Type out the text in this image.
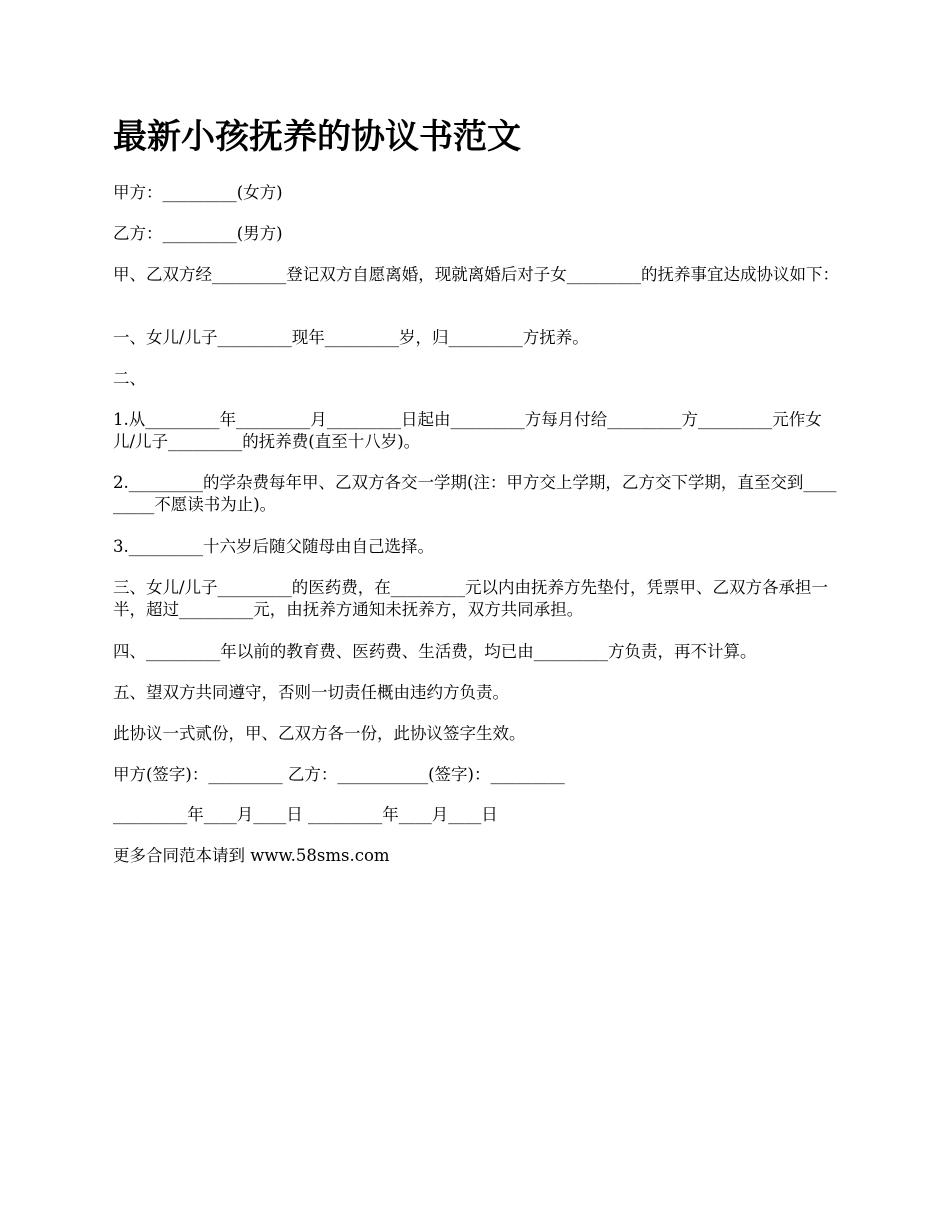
最新小孩抚养的协议书范文

甲方：_________(女方)

乙方：_________(男方)

甲、乙双方经_________登记双方自愿离婚，现就离婚后对子女_________的抚养事宜达成协议如下：

一、女儿/儿子_________现年_________岁，归_________方抚养。

二、

1.从_________年_________月_________日起由_________方每月付给_________方_________元作女儿/儿子_________的抚养费(直至十八岁)。

2._________的学杂费每年甲、乙双方各交一学期(注：甲方交上学期，乙方交下学期，直至交到_________不愿读书为止)。

3._________十六岁后随父随母由自己选择。

三、女儿/儿子_________的医药费，在_________元以内由抚养方先垫付，凭票甲、乙双方各承担一半，超过_________元，由抚养方通知未抚养方，双方共同承担。

四、_________年以前的教育费、医药费、生活费，均已由_________方负责，再不计算。

五、望双方共同遵守，否则一切责任概由违约方负责。

此协议一式贰份，甲、乙双方各一份，此协议签字生效。

甲方(签字)：_________ 乙方：___________(签字)：_________

_________年____月____日 _________年____月____日

更多合同范本请到 www.58sms.com
